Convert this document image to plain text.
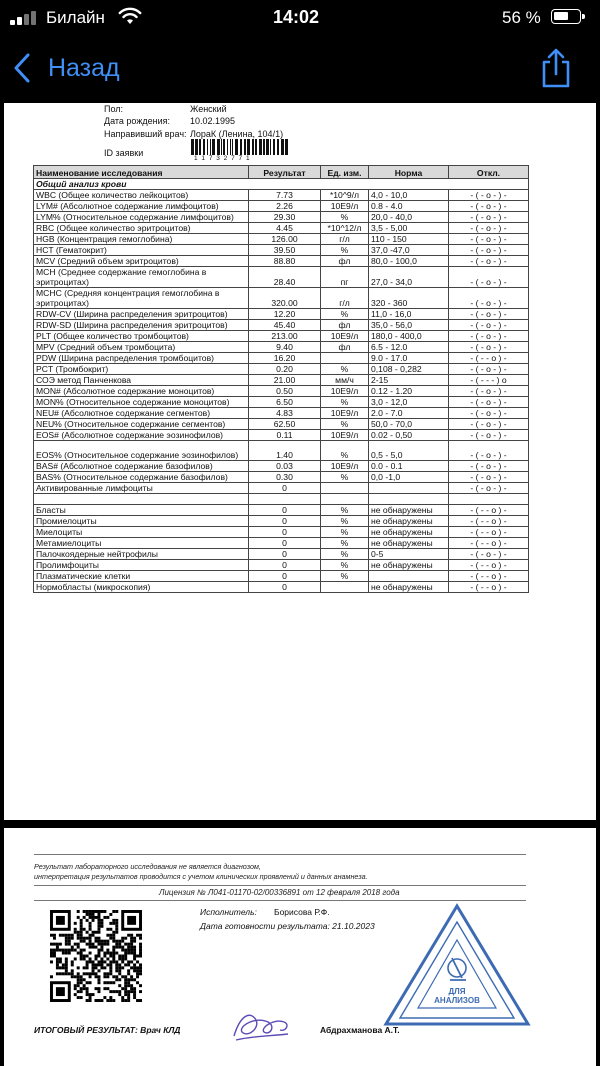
Билайн	14:02	56 %
Назад
Пол:	Женский
Дата рождения: 10.02.1995
Направивший врач: ЛораК (Ленина, 104/1)
ID заявки
1 1 7 3 2 7 7 1
Наименование исследования	Результат	Ед. изм.	Норма	Откл.
Общий анализ крови				
WBC (Общее количество лейкоцитов)	7.73	*10^9/л	4,0 - 10,0	- ( - о - ) -
LYM# (Абсолютное содержание лимфоцитов)	2.26	10E9/л	0.8 - 4.0	- ( - о - ) -
LYM% (Относительное содержание лимфоцитов)	29.30	%	20,0 - 40,0	- ( - о - ) -
RBC (Общее количество эритроцитов)	4.45	*10^12/л	3,5 - 5,00	- ( - о - ) -
HGB (Концентрация гемоглобина)	126.00	г/л	110 - 150	- ( - о - ) -
HCT (Гематокрит)	39.50	%	37,0 -47,0	- ( - о - ) -
MCV (Средний объем эритроцитов)	88.80	фл	80,0 - 100,0	- ( - о - ) -
MCH (Среднее содержание гемоглобина в эритроцитах)	28.40	пг	27,0 - 34,0	- ( - о - ) -
MCHC (Средняя концентрация гемоглобина в эритроцитах)	320.00	г/л	320 - 360	- ( - о - ) -
RDW-CV (Ширина распределения эритроцитов)	12.20	%	11,0 - 16,0	- ( - о - ) -
RDW-SD (Ширина распределения эритроцитов)	45.40	фл	35,0 - 56,0	- ( - о - ) -
PLT (Общее количество тромбоцитов)	213.00	10E9/л	180,0 - 400,0	- ( - о - ) -
MPV (Средний объем тромбоцита)	9.40	фл	6.5 - 12.0	- ( - о - ) -
PDW (Ширина распределения тромбоцитов)	16.20		9.0 - 17.0	- ( - - о ) -
PCT (Тромбокрит)	0.20	%	0,108 - 0,282	- ( - о - ) -
СОЭ метод Панченкова	21.00	мм/ч	2-15	- ( - - - ) о
MON# (Абсолютное содержание моноцитов)	0.50	10E9/л	0.12 - 1.20	- ( - о - ) -
MON% (Относительное содержание моноцитов)	6.50	%	3,0 - 12,0	- ( - о - ) -
NEU# (Абсолютное содержание сегментов)	4.83	10E9/л	2.0 - 7.0	- ( - о - ) -
NEU% (Относительное содержание сегментов)	62.50	%	50,0 - 70,0	- ( - о - ) -
EOS# (Абсолютное содержание эозинофилов)	0.11	10E9/л	0.02 - 0,50	- ( - о - ) -
EOS% (Относительное содержание эозинофилов)	1.40	%	0,5 - 5,0	- ( - о - ) -
BAS# (Абсолютное содержание базофилов)	0.03	10E9/л	0.0 - 0.1	- ( - о - ) -
BAS% (Относительное содержание базофилов)	0.30	%	0,0 -1,0	- ( - о - ) -
Активированные лимфоциты	0			- ( - о - ) -

Бласты	0	%	не обнаружены	- ( - - о ) -
Промиелоциты	0	%	не обнаружены	- ( - - о ) -
Миелоциты	0	%	не обнаружены	- ( - - о ) -
Метамиелоциты	0	%	не обнаружены	- ( - - о ) -
Палочкоядерные нейтрофилы	0	%	0-5	- ( - о - ) -
Пролимфоциты	0	%	не обнаружены	- ( - - о ) -
Плазматические клетки	0	%		- ( - - о ) -
Нормобласты (микроскопия)	0		не обнаружены	- ( - - о ) -
Результат лабораторного исследования не является диагнозом,
интерпретация результатов проводится с учетом клинических проявлений и данных анамнеза.
Лицензия № Л041-01170-02/00336891 от 12 февраля 2018 года
Исполнитель: Борисова Р.Ф.
Дата готовности результата: 21.10.2023
ДЛЯ
АНАЛИЗОВ
ИТОГОВЫЙ РЕЗУЛЬТАТ: Врач КЛД	Абдрахманова А.Т.
